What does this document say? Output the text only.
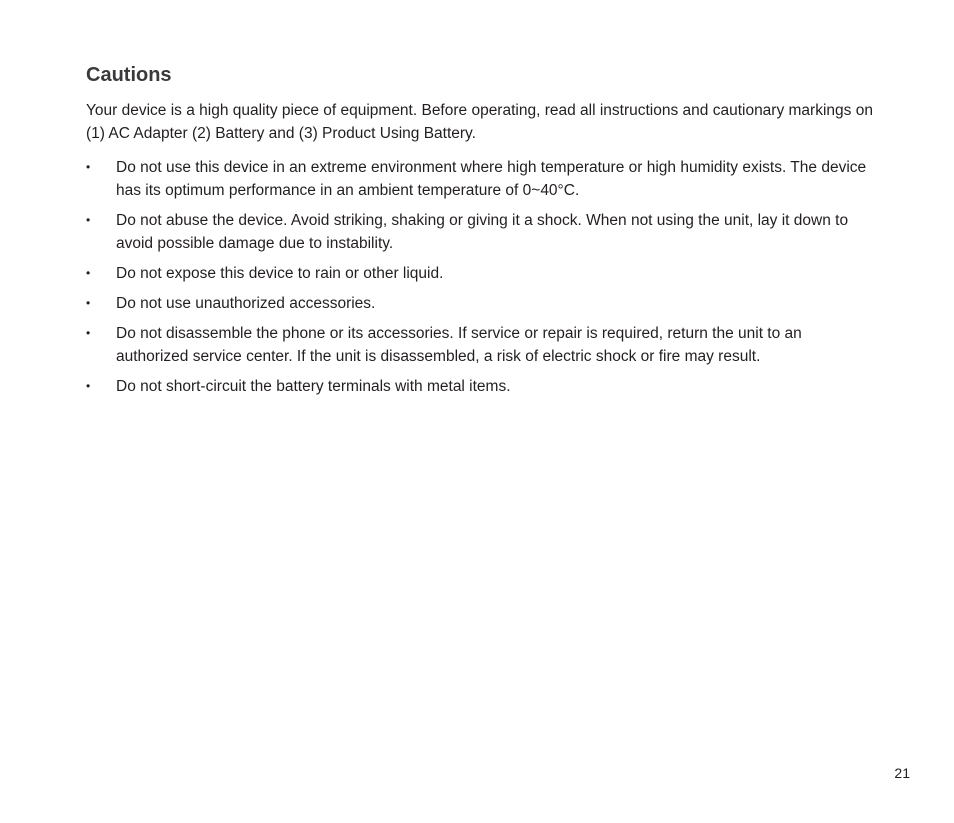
Cautions

Your device is a high quality piece of equipment. Before operating, read all instructions and cautionary markings on (1) AC Adapter (2) Battery and (3) Product Using Battery.

•	Do not use this device in an extreme environment where high temperature or high humidity exists. The device has its optimum performance in an ambient temperature of 0~40°C.
•	Do not abuse the device. Avoid striking, shaking or giving it a shock. When not using the unit, lay it down to avoid possible damage due to instability.
•	Do not expose this device to rain or other liquid.
•	Do not use unauthorized accessories.
•	Do not disassemble the phone or its accessories. If service or repair is required, return the unit to an authorized service center. If the unit is disassembled, a risk of electric shock or fire may result.
•	Do not short-circuit the battery terminals with metal items.
21
